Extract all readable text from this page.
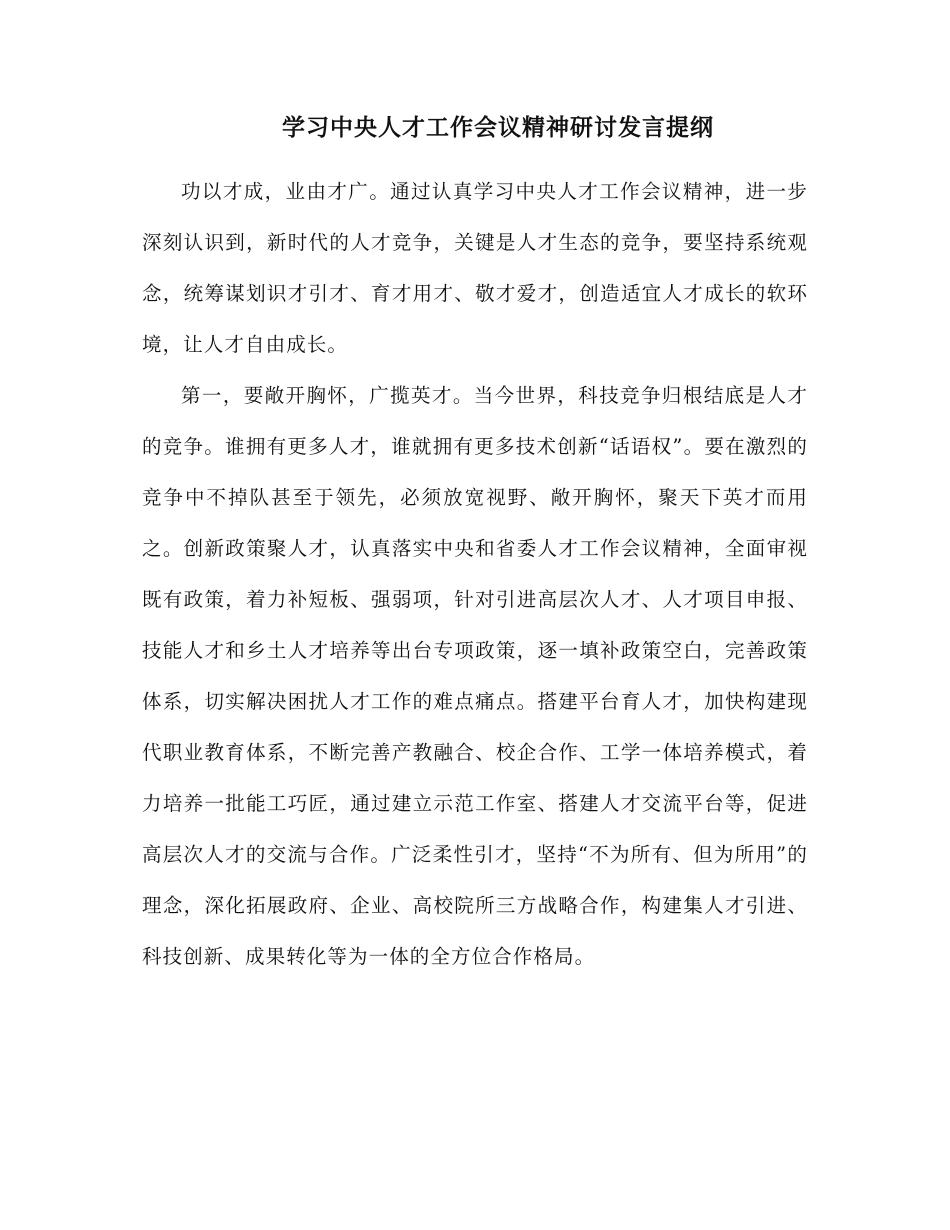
学习中央人才工作会议精神研讨发言提纲

功以才成，业由才广。通过认真学习中央人才工作会议精神，进一步深刻认识到，新时代的人才竞争，关键是人才生态的竞争，要坚持系统观念，统筹谋划识才引才、育才用才、敬才爱才，创造适宜人才成长的软环境，让人才自由成长。

第一，要敞开胸怀，广揽英才。当今世界，科技竞争归根结底是人才的竞争。谁拥有更多人才，谁就拥有更多技术创新“话语权”。要在激烈的竞争中不掉队甚至于领先，必须放宽视野、敞开胸怀，聚天下英才而用之。创新政策聚人才，认真落实中央和省委人才工作会议精神，全面审视既有政策，着力补短板、强弱项，针对引进高层次人才、人才项目申报、技能人才和乡土人才培养等出台专项政策，逐一填补政策空白，完善政策体系，切实解决困扰人才工作的难点痛点。搭建平台育人才，加快构建现代职业教育体系，不断完善产教融合、校企合作、工学一体培养模式，着力培养一批能工巧匠，通过建立示范工作室、搭建人才交流平台等，促进高层次人才的交流与合作。广泛柔性引才，坚持“不为所有、但为所用”的理念，深化拓展政府、企业、高校院所三方战略合作，构建集人才引进、科技创新、成果转化等为一体的全方位合作格局。
